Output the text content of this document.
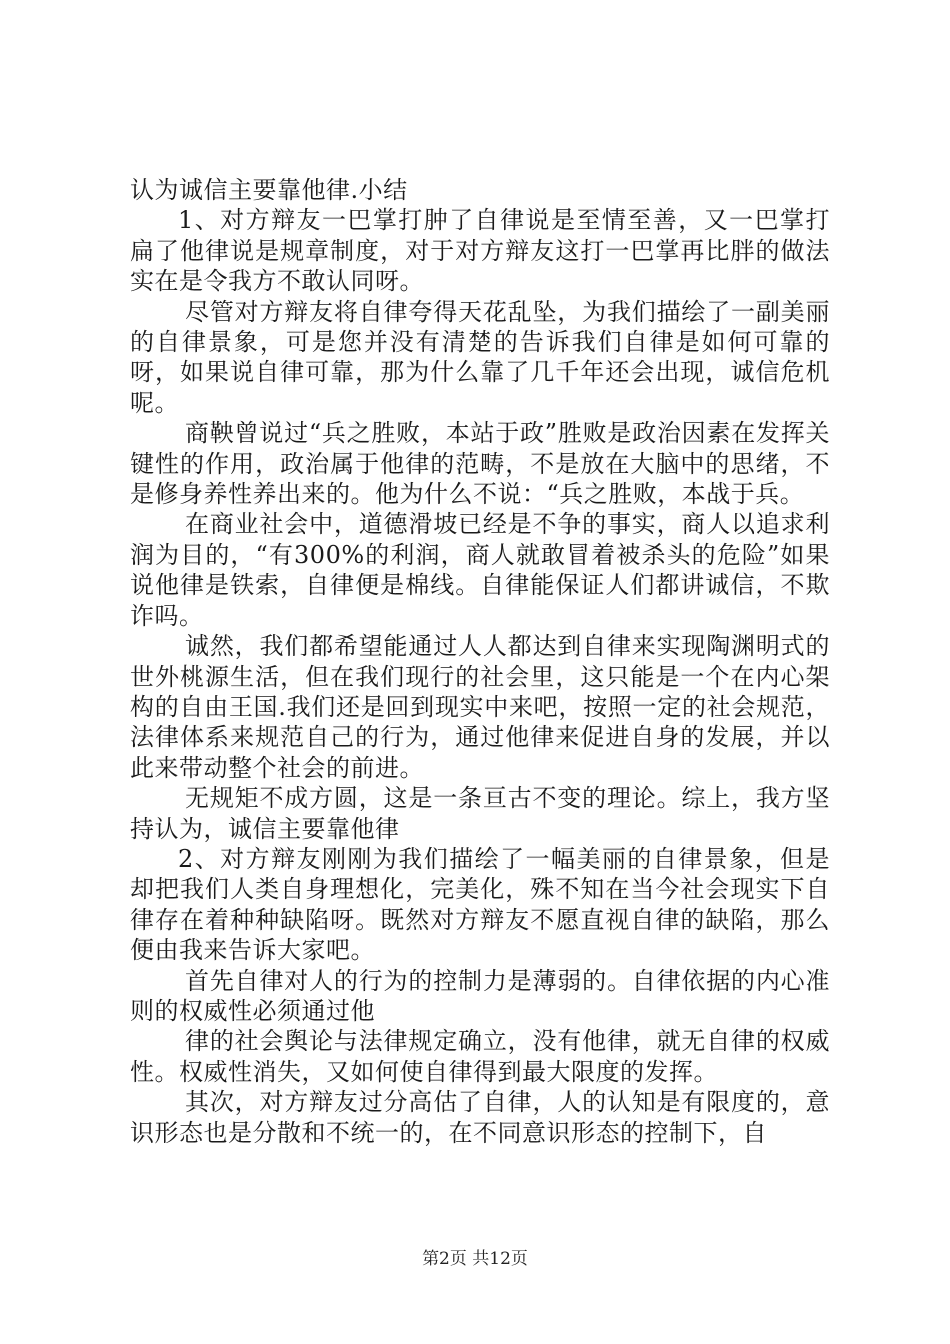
认为诚信主要靠他律.小结

1、对方辩友一巴掌打肿了自律说是至情至善，又一巴掌打扁了他律说是规章制度，对于对方辩友这打一巴掌再比胖的做法实在是令我方不敢认同呀。

尽管对方辩友将自律夸得天花乱坠，为我们描绘了一副美丽的自律景象，可是您并没有清楚的告诉我们自律是如何可靠的呀，如果说自律可靠，那为什么靠了几千年还会出现，诚信危机呢。

商鞅曾说过“兵之胜败，本站于政”胜败是政治因素在发挥关键性的作用，政治属于他律的范畴，不是放在大脑中的思绪，不是修身养性养出来的。他为什么不说：“兵之胜败，本战于兵。

在商业社会中，道德滑坡已经是不争的事实，商人以追求利润为目的，“有300%的利润，商人就敢冒着被杀头的危险”如果说他律是铁索，自律便是棉线。自律能保证人们都讲诚信，不欺诈吗。

诚然，我们都希望能通过人人都达到自律来实现陶渊明式的世外桃源生活，但在我们现行的社会里，这只能是一个在内心架构的自由王国.我们还是回到现实中来吧，按照一定的社会规范，法律体系来规范自己的行为，通过他律来促进自身的发展，并以此来带动整个社会的前进。

无规矩不成方圆，这是一条亘古不变的理论。综上，我方坚持认为，诚信主要靠他律

2、对方辩友刚刚为我们描绘了一幅美丽的自律景象，但是却把我们人类自身理想化，完美化，殊不知在当今社会现实下自律存在着种种缺陷呀。既然对方辩友不愿直视自律的缺陷，那么便由我来告诉大家吧。

首先自律对人的行为的控制力是薄弱的。自律依据的内心准则的权威性必须通过他

律的社会舆论与法律规定确立，没有他律，就无自律的权威性。权威性消失，又如何使自律得到最大限度的发挥。

其次，对方辩友过分高估了自律，人的认知是有限度的，意识形态也是分散和不统一的，在不同意识形态的控制下，自

第2页 共12页
